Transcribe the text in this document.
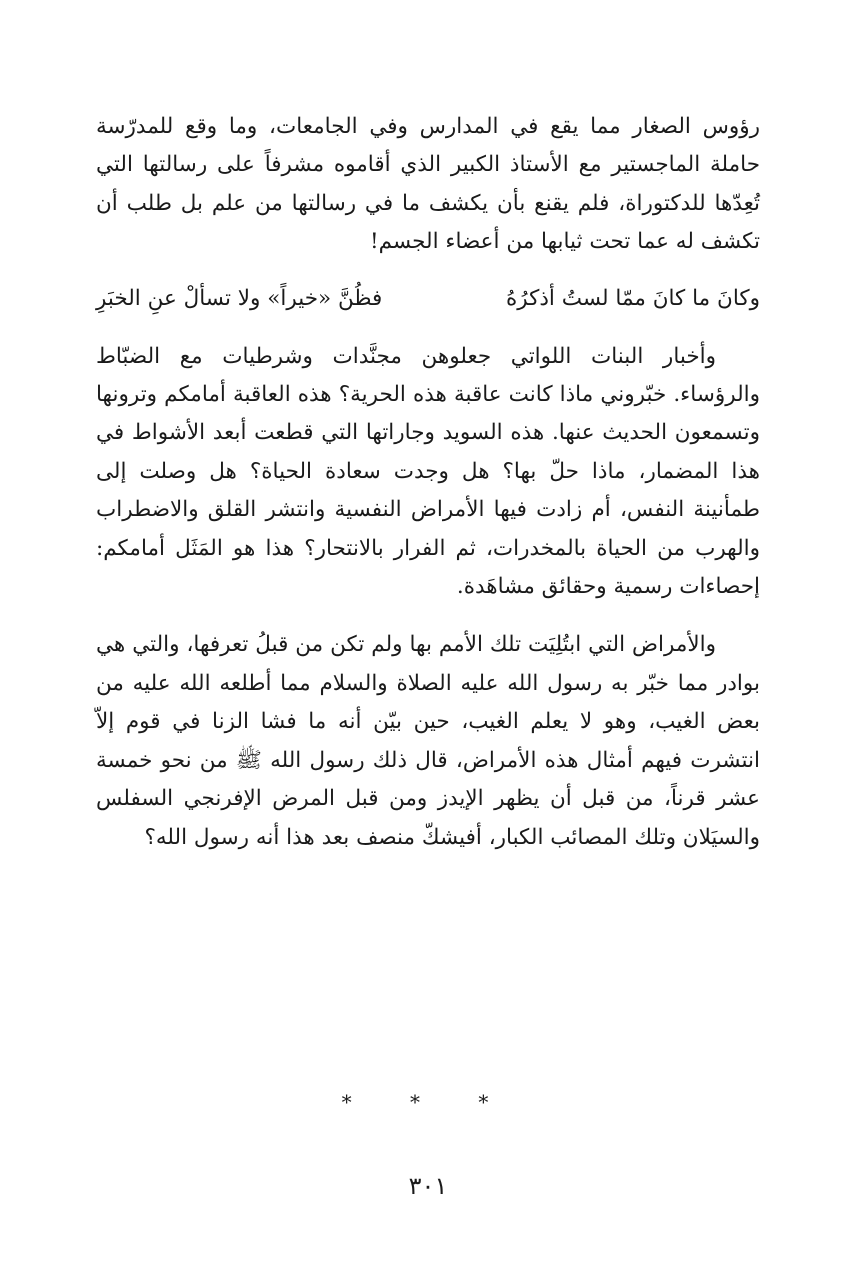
رؤوس الصغار مما يقع في المدارس وفي الجامعات، وما وقع للمدرّسة حاملة الماجستير مع الأستاذ الكبير الذي أقاموه مشرفاً على رسالتها التي تُعِدّها للدكتوراة، فلم يقنع بأن يكشف ما في رسالتها من علم بل طلب أن تكشف له عما تحت ثيابها من أعضاء الجسم!

وكانَ ما كانَ ممّا لستُ أذكرُهُ
فظُنَّ «خيراً» ولا تسألْ عنِ الخبَرِ

وأخبار البنات اللواتي جعلوهن مجنَّدات وشرطيات مع الضبّاط والرؤساء. خبّروني ماذا كانت عاقبة هذه الحرية؟ هذه العاقبة أمامكم وترونها وتسمعون الحديث عنها. هذه السويد وجاراتها التي قطعت أبعد الأشواط في هذا المضمار، ماذا حلّ بها؟ هل وجدت سعادة الحياة؟ هل وصلت إلى طمأنينة النفس، أم زادت فيها الأمراض النفسية وانتشر القلق والاضطراب والهرب من الحياة بالمخدرات، ثم الفرار بالانتحار؟ هذا هو المَثَل أمامكم: إحصاءات رسمية وحقائق مشاهَدة.

والأمراض التي ابتُلِيَت تلك الأمم بها ولم تكن من قبلُ تعرفها، والتي هي بوادر مما خبّر به رسول الله عليه الصلاة والسلام مما أطلعه الله عليه من بعض الغيب، وهو لا يعلم الغيب، حين بيّن أنه ما فشا الزنا في قوم إلاّ انتشرت فيهم أمثال هذه الأمراض، قال ذلك رسول الله ﷺ من نحو خمسة عشر قرناً، من قبل أن يظهر الإيدز ومن قبل المرض الإفرنجي السفلس والسيَلان وتلك المصائب الكبار، أفيشكّ منصف بعد هذا أنه رسول الله؟

* * *
٣٠١
